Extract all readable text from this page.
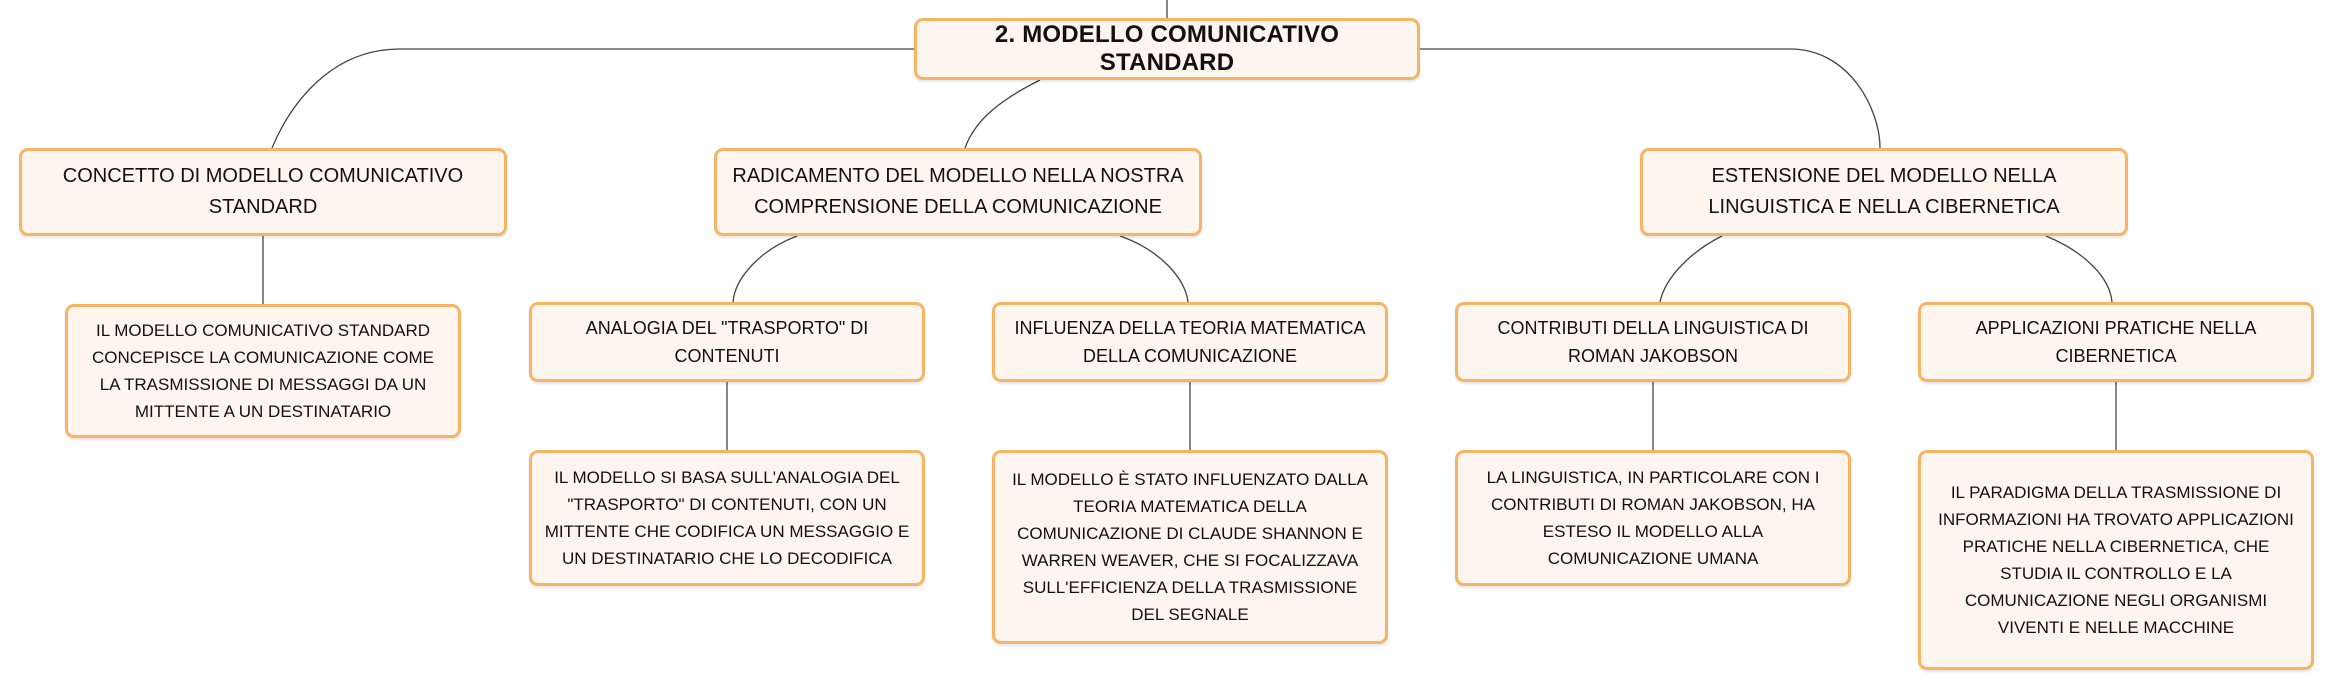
2. MODELLO COMUNICATIVO STANDARD
CONCETTO DI MODELLO COMUNICATIVO STANDARD
RADICAMENTO DEL MODELLO NELLA NOSTRA COMPRENSIONE DELLA COMUNICAZIONE
ESTENSIONE DEL MODELLO NELLA LINGUISTICA E NELLA CIBERNETICA
IL MODELLO COMUNICATIVO STANDARD CONCEPISCE LA COMUNICAZIONE COME LA TRASMISSIONE DI MESSAGGI DA UN MITTENTE A UN DESTINATARIO
ANALOGIA DEL "TRASPORTO" DI CONTENUTI
INFLUENZA DELLA TEORIA MATEMATICA DELLA COMUNICAZIONE
CONTRIBUTI DELLA LINGUISTICA DI ROMAN JAKOBSON
APPLICAZIONI PRATICHE NELLA CIBERNETICA
IL MODELLO SI BASA SULL'ANALOGIA DEL "TRASPORTO" DI CONTENUTI, CON UN MITTENTE CHE CODIFICA UN MESSAGGIO E UN DESTINATARIO CHE LO DECODIFICA
IL MODELLO È STATO INFLUENZATO DALLA TEORIA MATEMATICA DELLA COMUNICAZIONE DI CLAUDE SHANNON E WARREN WEAVER, CHE SI FOCALIZZAVA SULL'EFFICIENZA DELLA TRASMISSIONE DEL SEGNALE
LA LINGUISTICA, IN PARTICOLARE CON I CONTRIBUTI DI ROMAN JAKOBSON, HA ESTESO IL MODELLO ALLA COMUNICAZIONE UMANA
IL PARADIGMA DELLA TRASMISSIONE DI INFORMAZIONI HA TROVATO APPLICAZIONI PRATICHE NELLA CIBERNETICA, CHE STUDIA IL CONTROLLO E LA COMUNICAZIONE NEGLI ORGANISMI VIVENTI E NELLE MACCHINE
